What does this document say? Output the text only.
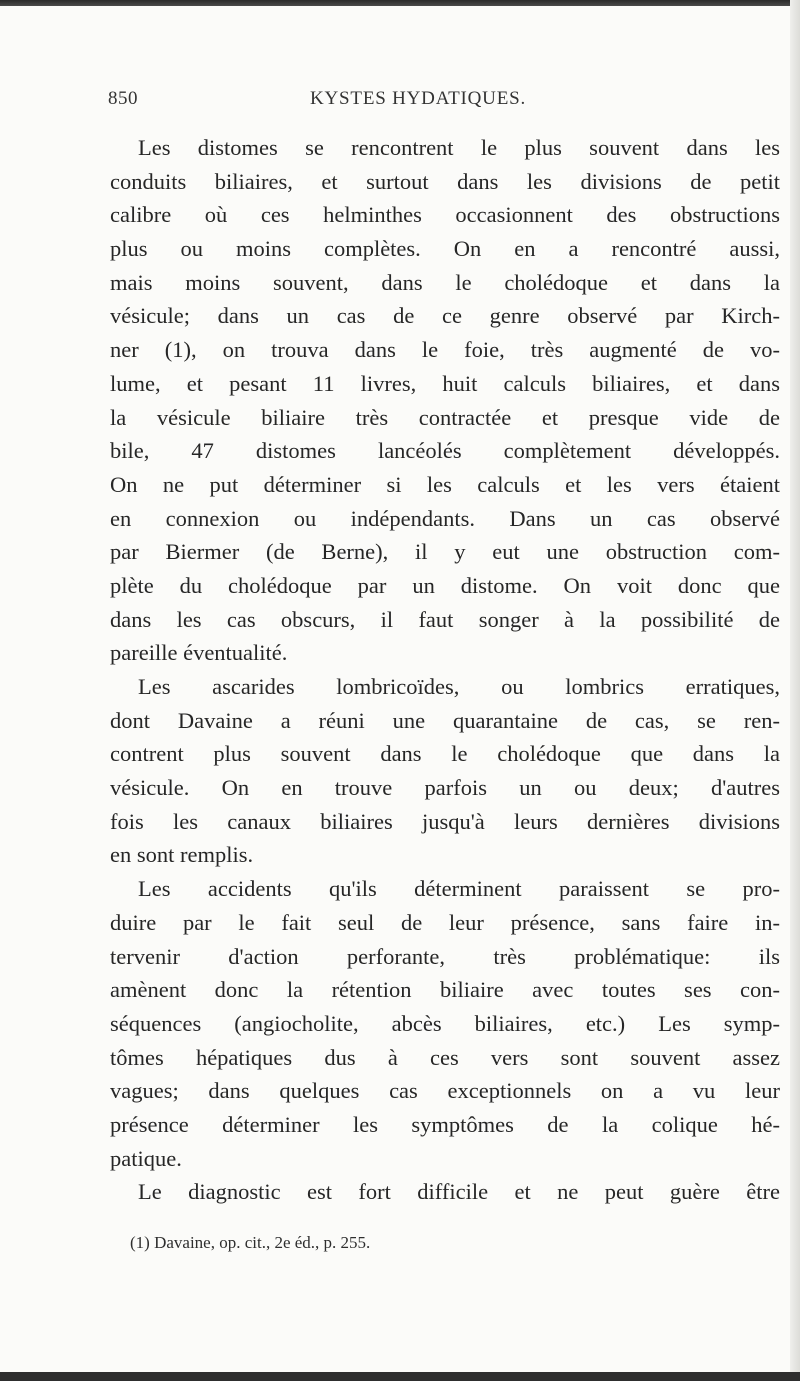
850	KYSTES HYDATIQUES.
Les distomes se rencontrent le plus souvent dans les
conduits biliaires, et surtout dans les divisions de petit
calibre où ces helminthes occasionnent des obstructions
plus ou moins complètes. On en a rencontré aussi,
mais moins souvent, dans le cholédoque et dans la
vésicule; dans un cas de ce genre observé par Kirch-
ner (1), on trouva dans le foie, très augmenté de vo-
lume, et pesant 11 livres, huit calculs biliaires, et dans
la vésicule biliaire très contractée et presque vide de
bile, 47 distomes lancéolés complètement développés.
On ne put déterminer si les calculs et les vers étaient
en connexion ou indépendants. Dans un cas observé
par Biermer (de Berne), il y eut une obstruction com-
plète du cholédoque par un distome. On voit donc que
dans les cas obscurs, il faut songer à la possibilité de
pareille éventualité.
Les ascarides lombricoïdes, ou lombrics erratiques,
dont Davaine a réuni une quarantaine de cas, se ren-
contrent plus souvent dans le cholédoque que dans la
vésicule. On en trouve parfois un ou deux; d'autres
fois les canaux biliaires jusqu'à leurs dernières divisions
en sont remplis.
Les accidents qu'ils déterminent paraissent se pro-
duire par le fait seul de leur présence, sans faire in-
tervenir d'action perforante, très problématique: ils
amènent donc la rétention biliaire avec toutes ses con-
séquences (angiocholite, abcès biliaires, etc.) Les symp-
tômes hépatiques dus à ces vers sont souvent assez
vagues; dans quelques cas exceptionnels on a vu leur
présence déterminer les symptômes de la colique hé-
patique.
Le diagnostic est fort difficile et ne peut guère être
(1) Davaine, op. cit., 2e éd., p. 255.
